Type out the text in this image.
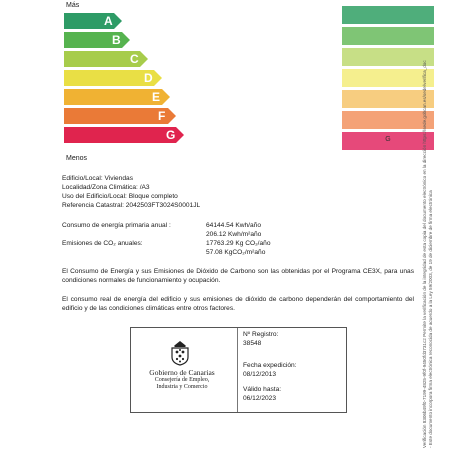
Más
A
B
C
D
E
F
G
Menos
G
Edificio/Local: Viviendas
Localidad/Zona Climática: /A3
Uso del Edificio/Local: Bloque completo
Referencia Catastral: 2042503FT3024S0001JL
Consumo de energía primaria anual :	64144.54 Kwh/año
206.12 Kwh/m²año
Emisiones de CO₂ anuales:	17763.29 Kg CO₂/año
57.08 KgCO₂/m²año
El Consumo de Energía y sus Emisiones de Dióxido de Carbono son las obtenidas por el Programa CE3X, para unas condiciones normales de funcionamiento y ocupación.
El consumo real de energía del edificio y sus emisiones de dióxido de carbono dependerán del comportamiento del edificio y de las condiciones climáticas entre otros factores.
Nº Registro:
38548
Fecha expedición:
08/12/2013
Válido hasta:
06/12/2023
Gobierno de Canarias
Consejería de Empleo,
Industria y Comercio	Verificación 8306b49f0-7199-4825-9f0f-9450fd3731c2 Permite la verificación de la integridad de esta copia del documento electrónico en la dirección https://sede.gobcan.es/sede/verifica_doc - Este documento incorpora firma electrónica reconocida de acuerdo a la Ley 59/2003, de 19 de diciembre de firma electrónica
